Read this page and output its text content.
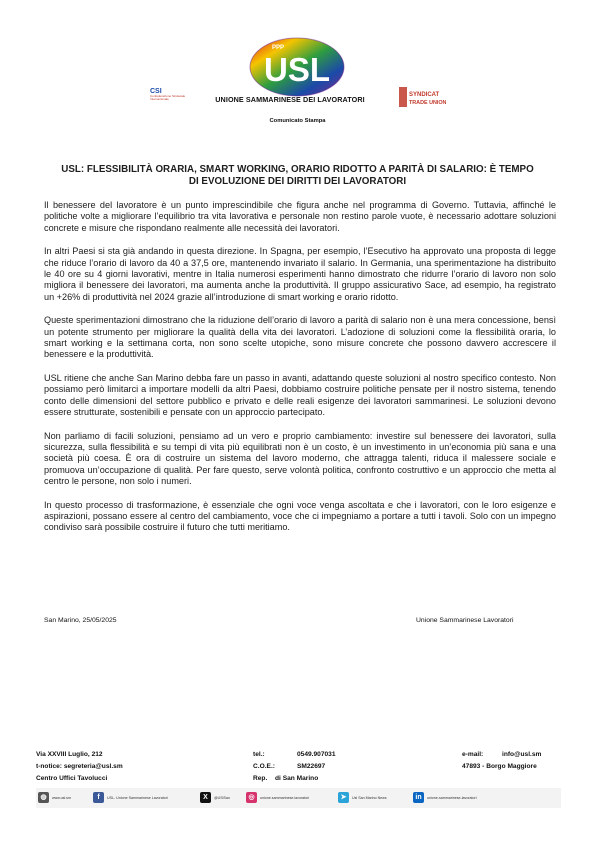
PPP
USL
CSI
Confederazione Sindacale Internazionale	UNIONE SAMMARINESE DEI LAVORATORI	SYNDICAT
TRADE UNION
Comunicato Stampa
USL: FLESSIBILITÀ ORARIA, SMART WORKING, ORARIO RIDOTTO A PARITÀ DI SALARIO: È TEMPO DI EVOLUZIONE DEI DIRITTI DEI LAVORATORI

Il benessere del lavoratore è un punto imprescindibile che figura anche nel programma di Governo. Tuttavia, affinché le politiche volte a migliorare l’equilibrio tra vita lavorativa e personale non restino parole vuote, è necessario adottare soluzioni concrete e misure che rispondano realmente alle necessità dei lavoratori.

In altri Paesi si sta già andando in questa direzione. In Spagna, per esempio, l’Esecutivo ha approvato una proposta di legge che riduce l’orario di lavoro da 40 a 37,5 ore, mantenendo invariato il salario. In Germania, una sperimentazione ha distribuito le 40 ore su 4 giorni lavorativi, mentre in Italia numerosi esperimenti hanno dimostrato che ridurre l’orario di lavoro non solo migliora il benessere dei lavoratori, ma aumenta anche la produttività. Il gruppo assicurativo Sace, ad esempio, ha registrato un +26% di produttività nel 2024 grazie all’introduzione di smart working e orario ridotto.

Queste sperimentazioni dimostrano che la riduzione dell’orario di lavoro a parità di salario non è una mera concessione, bensì un potente strumento per migliorare la qualità della vita dei lavoratori. L’adozione di soluzioni come la flessibilità oraria, lo smart working e la settimana corta, non sono scelte utopiche, sono misure concrete che possono davvero accrescere il benessere e la produttività.

USL ritiene che anche San Marino debba fare un passo in avanti, adattando queste soluzioni al nostro specifico contesto. Non possiamo però limitarci a importare modelli da altri Paesi, dobbiamo costruire politiche pensate per il nostro sistema, tenendo conto delle dimensioni del settore pubblico e privato e delle reali esigenze dei lavoratori sammarinesi. Le soluzioni devono essere strutturate, sostenibili e pensate con un approccio partecipato.

Non parliamo di facili soluzioni, pensiamo ad un vero e proprio cambiamento: investire sul benessere dei lavoratori, sulla sicurezza, sulla flessibilità e su tempi di vita più equilibrati non è un costo, è un investimento in un’economia più sana e una società più coesa. È ora di costruire un sistema del lavoro moderno, che attragga talenti, riduca il malessere sociale e promuova un’occupazione di qualità. Per fare questo, serve volontà politica, confronto costruttivo e un approccio che metta al centro le persone, non solo i numeri.

In questo processo di trasformazione, è essenziale che ogni voce venga ascoltata e che i lavoratori, con le loro esigenze e aspirazioni, possano essere al centro del cambiamento, voce che ci impegniamo a portare a tutti i tavoli. Solo con un impegno condiviso sarà possibile costruire il futuro che tutti meritiamo.

San Marino, 25/05/2025	Unione Sammarinese Lavoratori
Via XXVIII Luglio, 212
t-notice: segreteria@usl.sm
Centro Uffici Tavolucci
tel.:	0549.907031
C.O.E.:	SM22697
Rep. di San Marino
e-mail:	info@usl.sm
47893 - Borgo Maggiore
◍	www.usl.sm	f	USL- Unione Sammarinese Lavoratori	X	@USlSan	◎	unione.sammarinese.lavoratori	➤	Usl San Marino News	in	unione-sammarinese-lavoratori
